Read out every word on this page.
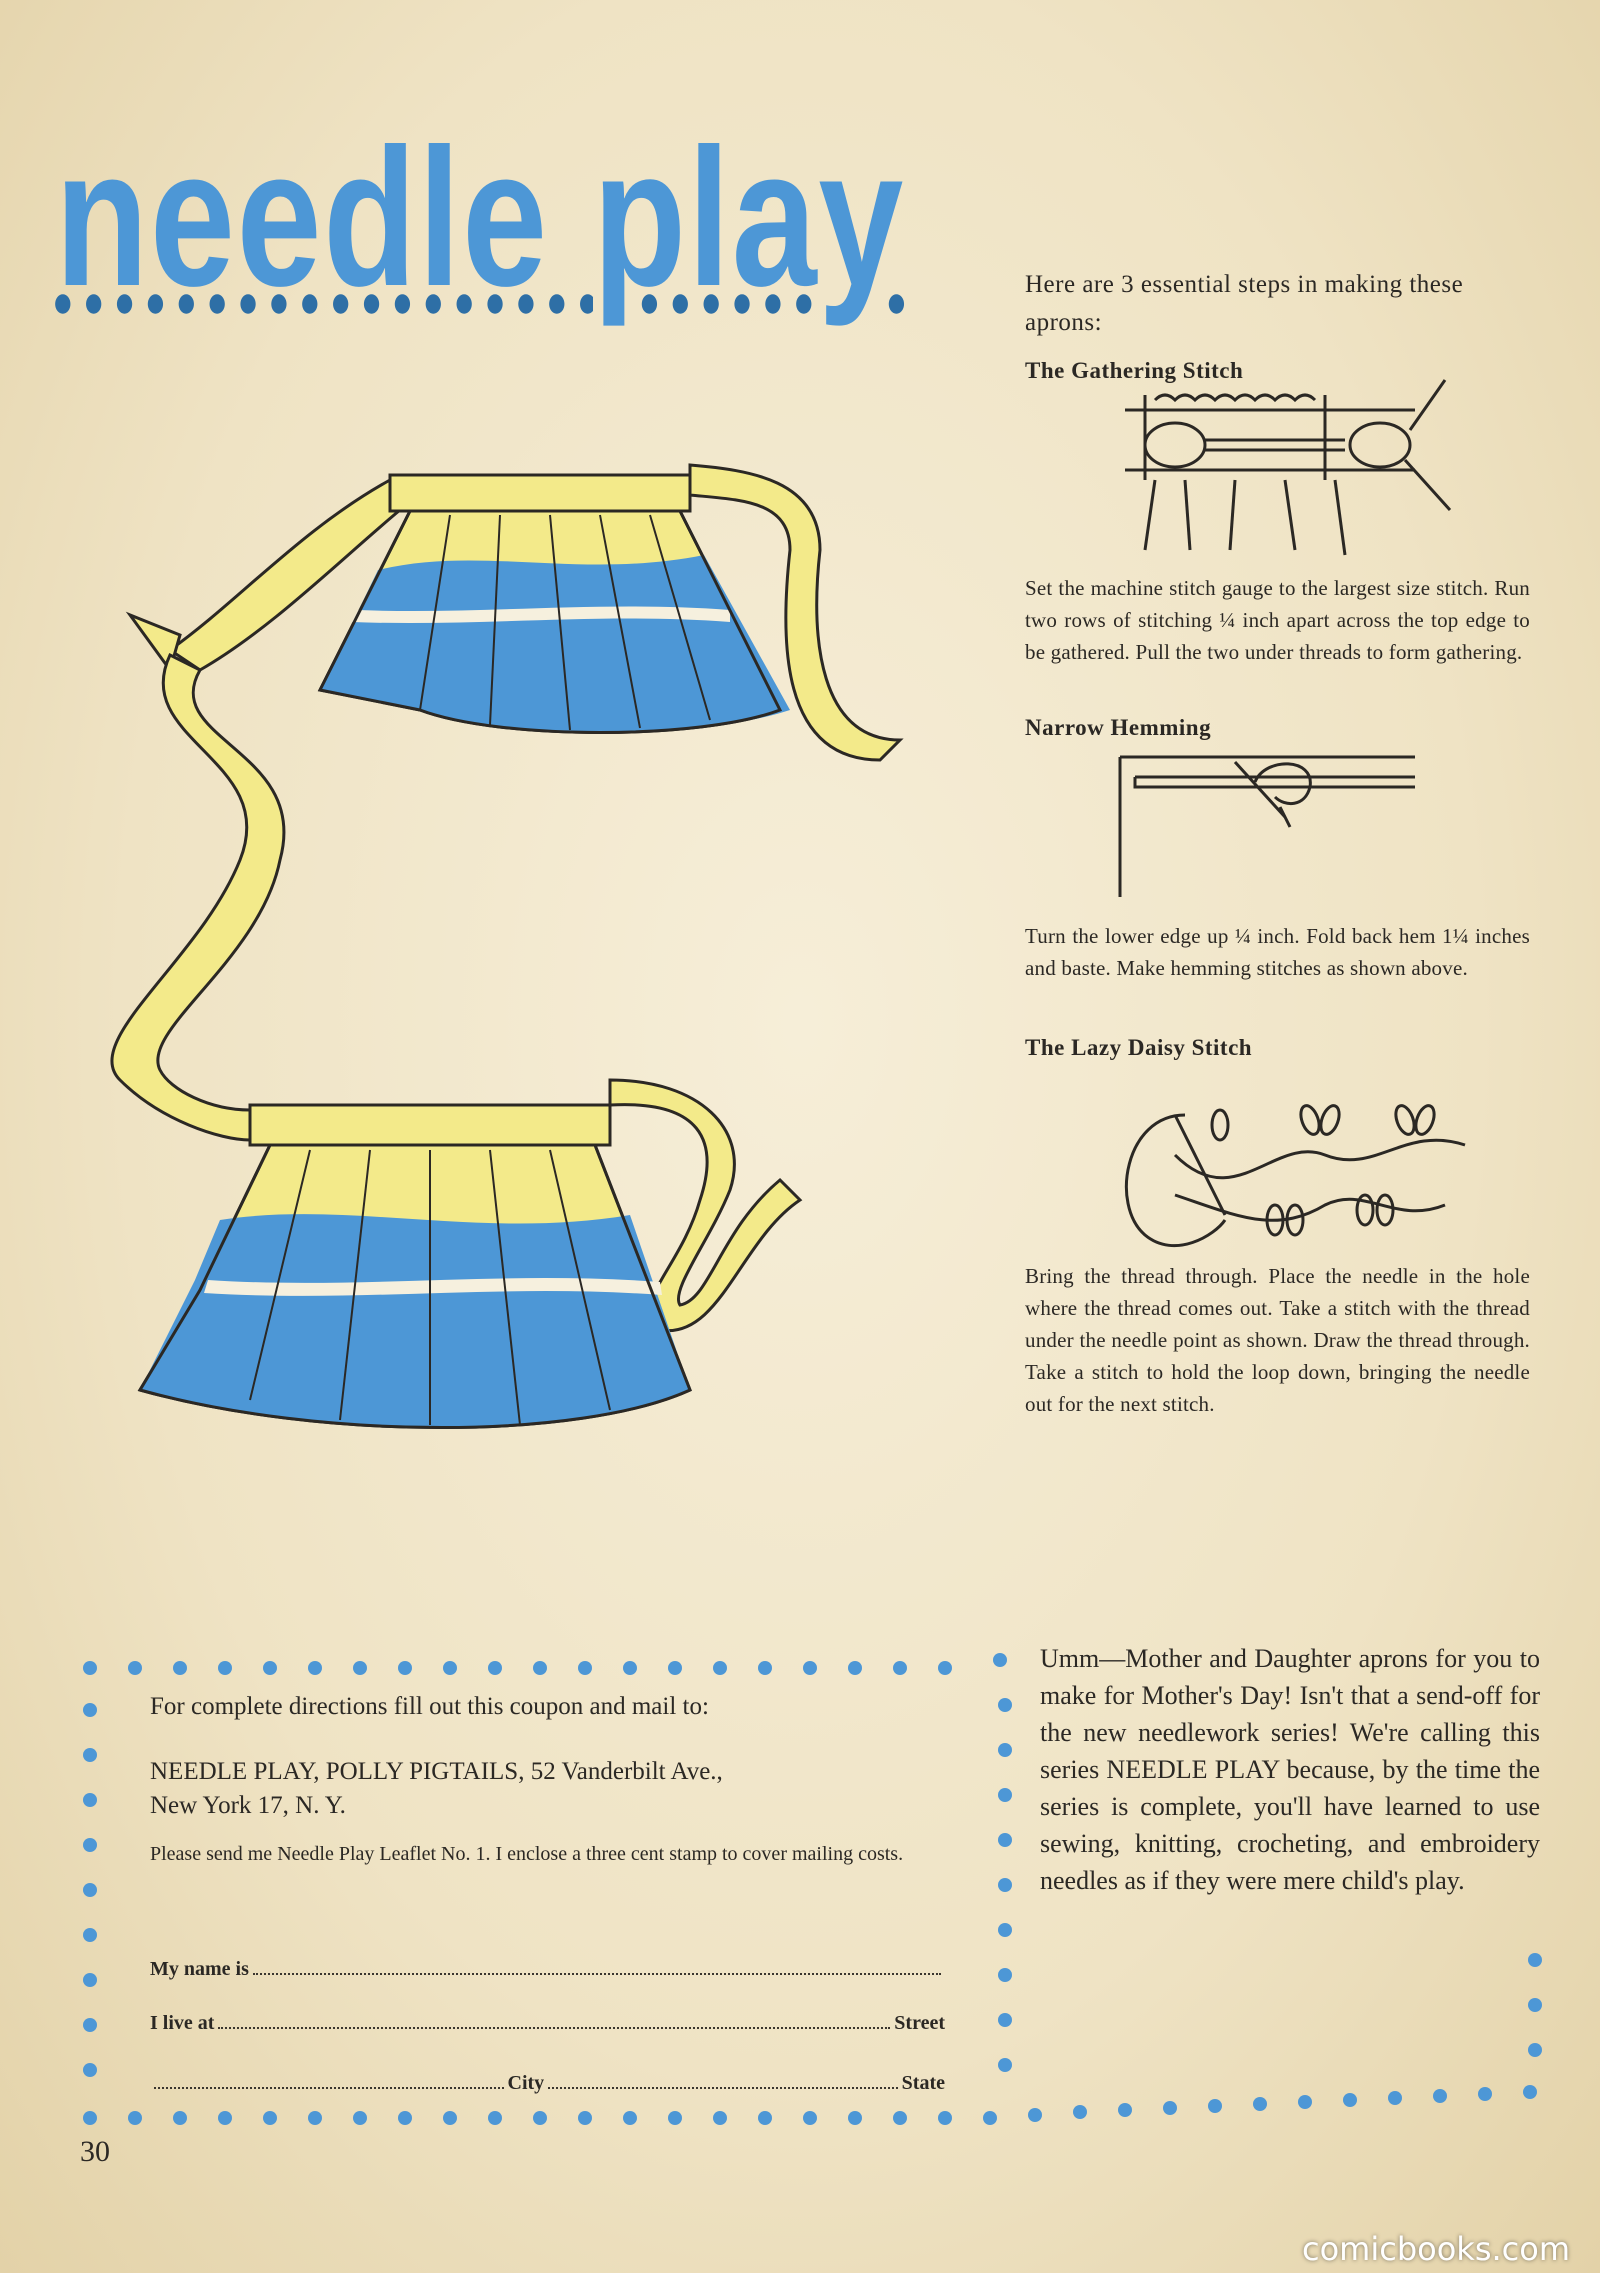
needle play	Here are 3 essential steps in making these aprons:

The Gathering Stitch

Set the machine stitch gauge to the largest size stitch. Run two rows of stitching ¼ inch apart across the top edge to be gathered. Pull the two under threads to form gathering.

Narrow Hemming

Turn the lower edge up ¼ inch. Fold back hem 1¼ inches and baste. Make hemming stitches as shown above.

The Lazy Daisy Stitch

Bring the thread through. Place the needle in the hole where the thread comes out. Take a stitch with the thread under the needle point as shown. Draw the thread through. Take a stitch to hold the loop down, bringing the needle out for the next stitch.

For complete directions fill out this coupon and mail to:

NEEDLE PLAY, POLLY PIGTAILS, 52 Vanderbilt Ave.,

New York 17, N. Y.

Please send me Needle Play Leaflet No. 1. I enclose a three cent stamp to cover mailing costs.

My name is
I live at	Street
City	State

Umm—Mother and Daughter aprons for you to make for Mother's Day! Isn't that a send-off for the new needlework series! We're calling this series NEEDLE PLAY because, by the time the series is complete, you'll have learned to use sewing, knitting, crocheting, and embroidery needles as if they were mere child's play.

30

comicbooks.com
